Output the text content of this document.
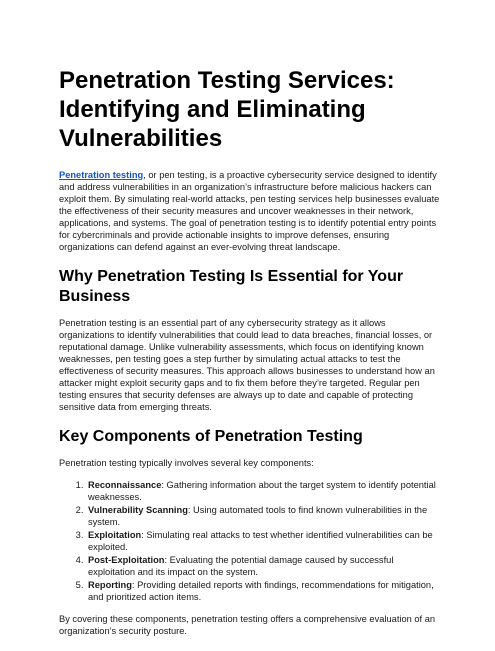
Penetration Testing Services: Identifying and Eliminating Vulnerabilities

Penetration testing, or pen testing, is a proactive cybersecurity service designed to identify and address vulnerabilities in an organization’s infrastructure before malicious hackers can exploit them. By simulating real-world attacks, pen testing services help businesses evaluate the effectiveness of their security measures and uncover weaknesses in their network, applications, and systems. The goal of penetration testing is to identify potential entry points for cybercriminals and provide actionable insights to improve defenses, ensuring organizations can defend against an ever-evolving threat landscape.

Why Penetration Testing Is Essential for Your Business

Penetration testing is an essential part of any cybersecurity strategy as it allows organizations to identify vulnerabilities that could lead to data breaches, financial losses, or reputational damage. Unlike vulnerability assessments, which focus on identifying known weaknesses, pen testing goes a step further by simulating actual attacks to test the effectiveness of security measures. This approach allows businesses to understand how an attacker might exploit security gaps and to fix them before they’re targeted. Regular pen testing ensures that security defenses are always up to date and capable of protecting sensitive data from emerging threats.

Key Components of Penetration Testing

Penetration testing typically involves several key components:

1. Reconnaissance: Gathering information about the target system to identify potential weaknesses.
2. Vulnerability Scanning: Using automated tools to find known vulnerabilities in the system.
3. Exploitation: Simulating real attacks to test whether identified vulnerabilities can be exploited.
4. Post-Exploitation: Evaluating the potential damage caused by successful exploitation and its impact on the system.
5. Reporting: Providing detailed reports with findings, recommendations for mitigation, and prioritized action items.

By covering these components, penetration testing offers a comprehensive evaluation of an organization’s security posture.
